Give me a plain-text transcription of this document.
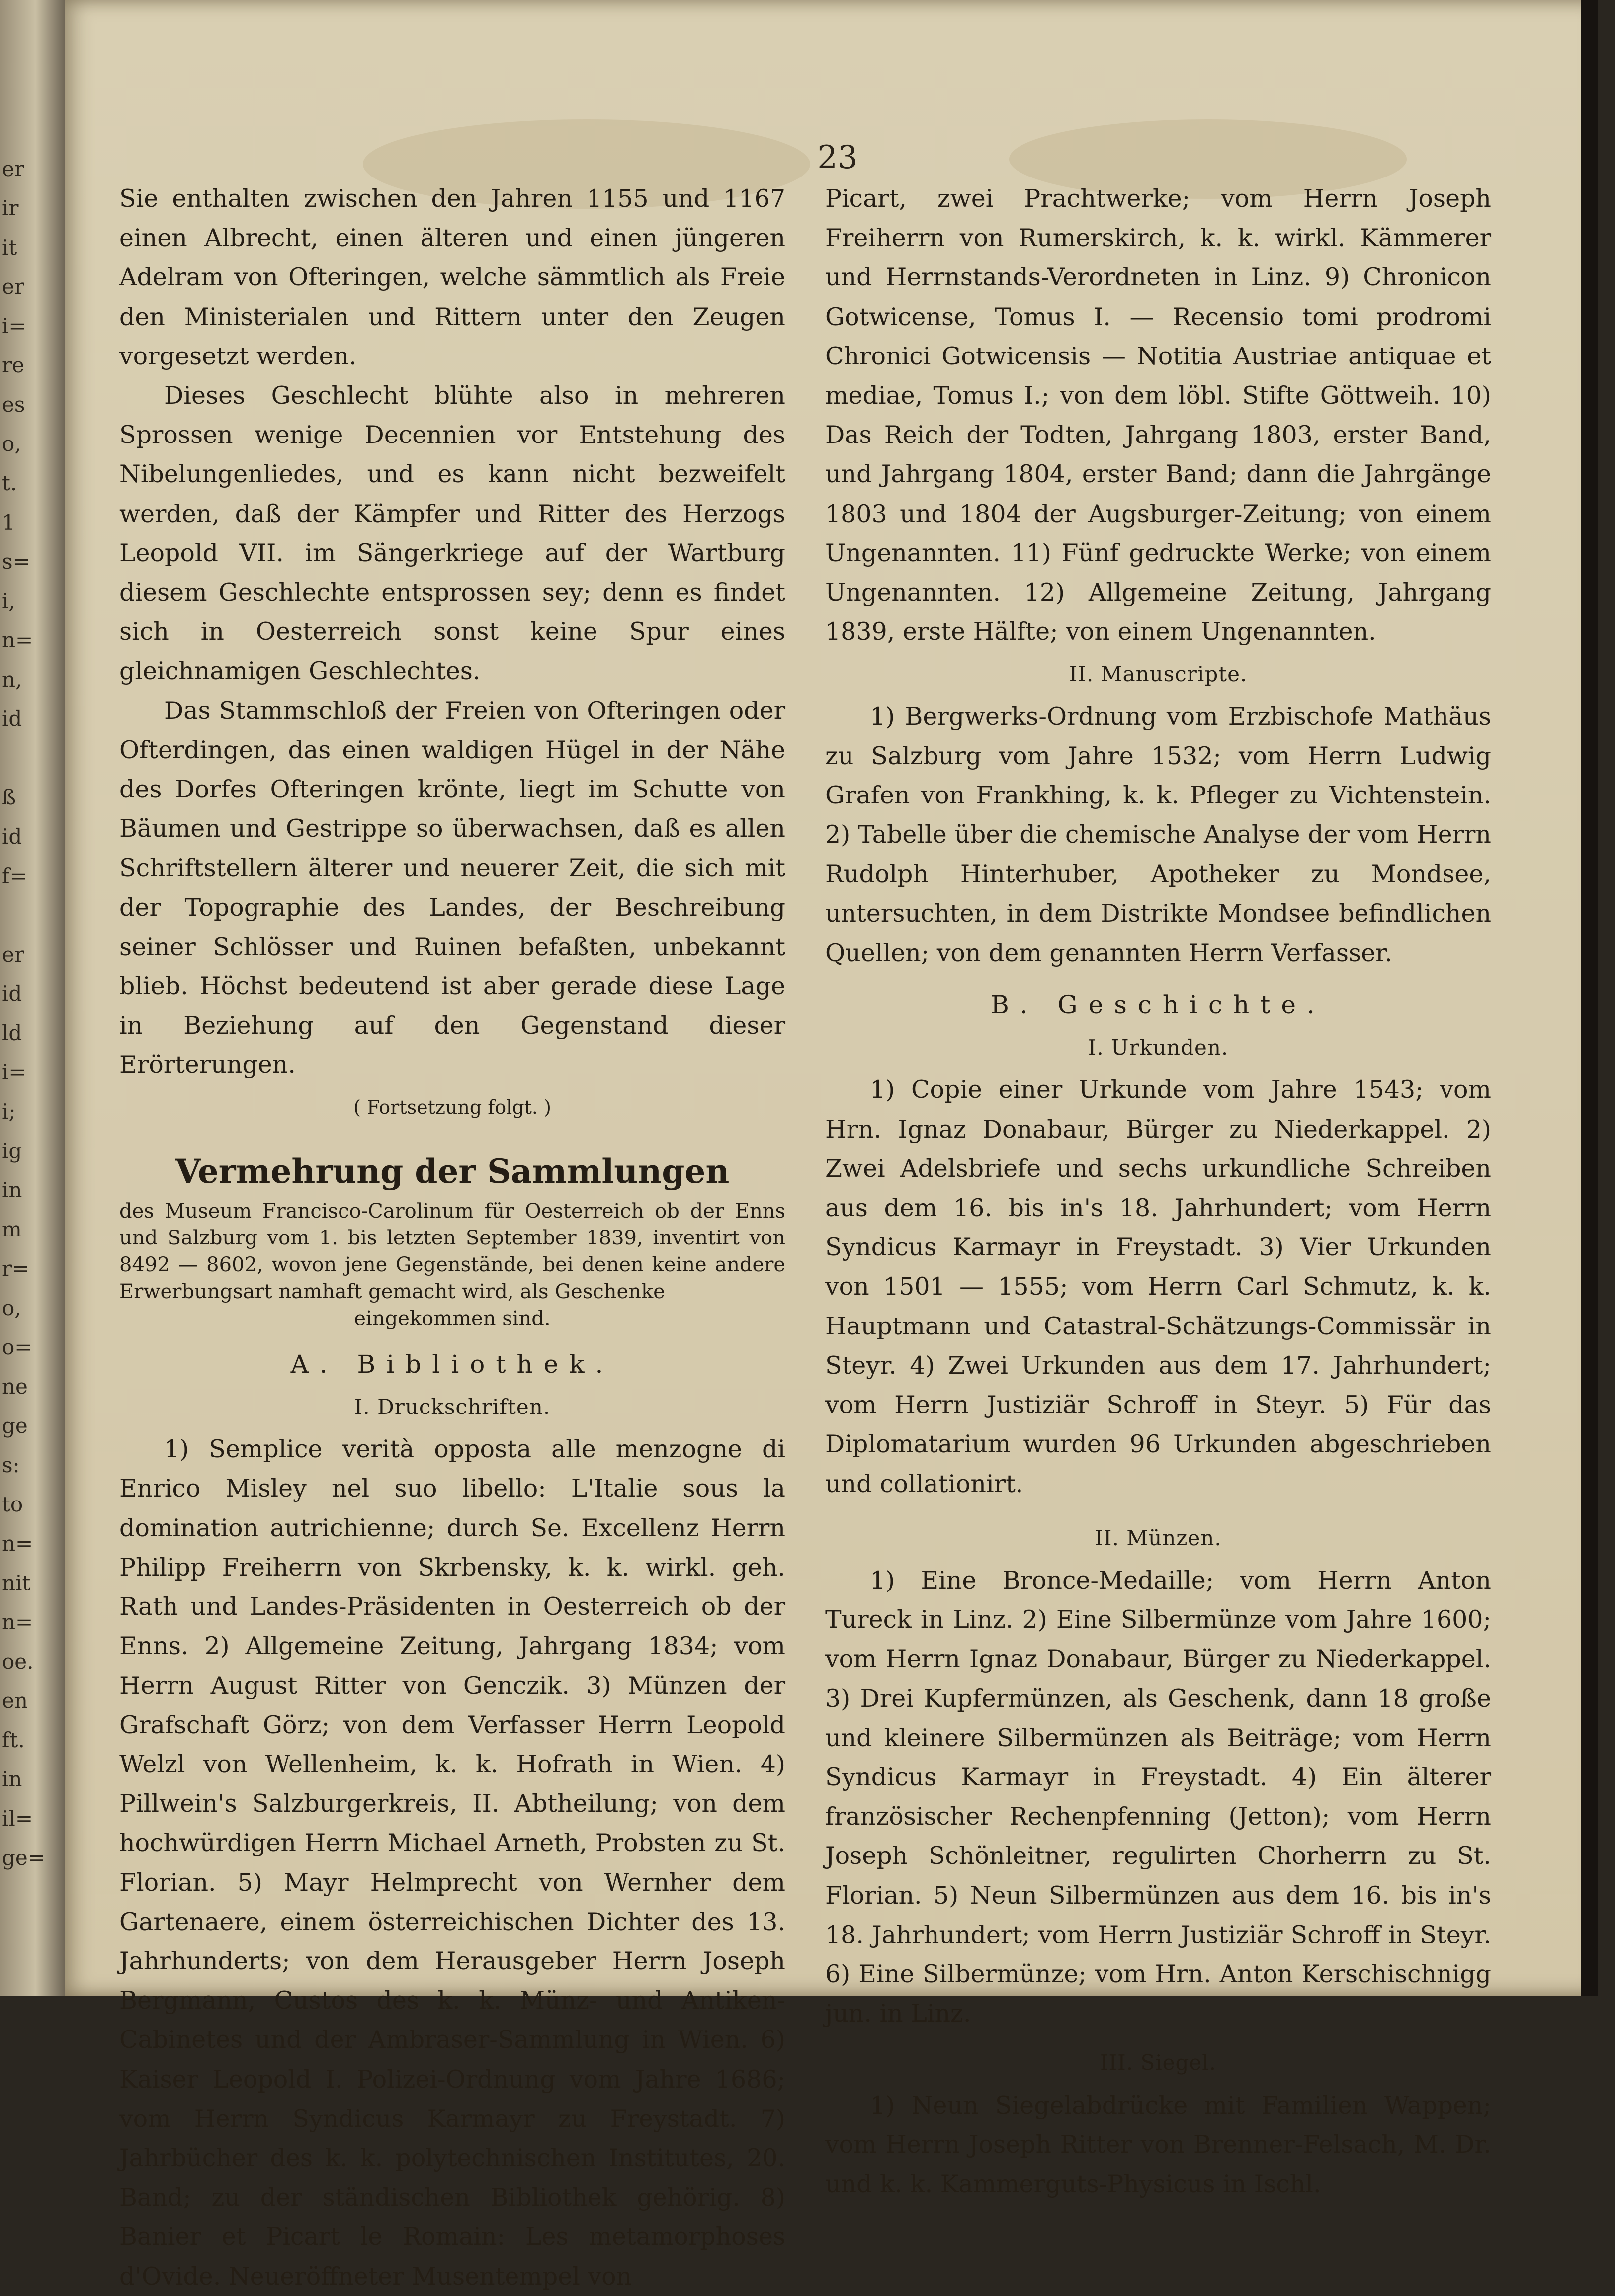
er
ir
it
er
i=
re
es
o,
t.
1
s=
i,
n=
n,
id

ß
id
f=

er
id
ld
i=
i;
ig
in
m
r=
o,
o=
ne
ge
s:
to
n=
nit
n=
oe.
en
ft.
in
il=
ge=
23

Sie enthalten zwischen den Jahren 1155 und 1167 einen Albrecht, einen älteren und einen jüngeren Adelram von Ofteringen, welche sämmtlich als Freie den Ministerialen und Rittern unter den Zeugen vorgesetzt werden.

Dieses Geschlecht blühte also in mehreren Sprossen wenige Decennien vor Entstehung des Nibelungenliedes, und es kann nicht bezweifelt werden, daß der Kämpfer und Ritter des Herzogs Leopold VII. im Sängerkriege auf der Wartburg diesem Geschlechte entsprossen sey; denn es findet sich in Oesterreich sonst keine Spur eines gleichnamigen Geschlechtes.

Das Stammschloß der Freien von Ofteringen oder Ofterdingen, das einen waldigen Hügel in der Nähe des Dorfes Ofteringen krönte, liegt im Schutte von Bäumen und Gestrippe so überwachsen, daß es allen Schriftstellern älterer und neuerer Zeit, die sich mit der Topographie des Landes, der Beschreibung seiner Schlösser und Ruinen befaßten, unbekannt blieb. Höchst bedeutend ist aber gerade diese Lage in Beziehung auf den Gegenstand dieser Erörterungen.

( Fortsetzung folgt. )
Vermehrung der Sammlungen
des Museum Francisco-Carolinum für Oesterreich ob der Enns und Salzburg vom 1. bis letzten September 1839, inventirt von 8492 — 8602, wovon jene Gegenstände, bei denen keine andere Erwerbungsart namhaft gemacht wird, als Geschenke
eingekommen sind.
A. Bibliothek.
I. Druckschriften.

1) Semplice verità opposta alle menzogne di Enrico Misley nel suo libello: L'Italie sous la domination autrichienne; durch Se. Excellenz Herrn Philipp Freiherrn von Skrbensky, k. k. wirkl. geh. Rath und Landes-Präsidenten in Oesterreich ob der Enns. 2) Allgemeine Zeitung, Jahrgang 1834; vom Herrn August Ritter von Genczik. 3) Münzen der Grafschaft Görz; von dem Verfasser Herrn Leopold Welzl von Wellenheim, k. k. Hofrath in Wien. 4) Pillwein's Salzburgerkreis, II. Abtheilung; von dem hochwürdigen Herrn Michael Arneth, Probsten zu St. Florian. 5) Mayr Helmprecht von Wernher dem Gartenaere, einem österreichischen Dichter des 13. Jahrhunderts; von dem Herausgeber Herrn Joseph Bergmann, Custos des k. k. Münz- und Antiken-Cabinetes und der Ambraser-Sammlung in Wien. 6) Kaiser Leopold I. Polizei-Ordnung vom Jahre 1686; vom Herrn Syndicus Karmayr zu Freystadt. 7) Jahrbücher des k. k. polytechnischen Institutes, 20. Band; zu der ständischen Bibliothek gehörig. 8) Banier et Picart le Romain: Les metamorphoses d'Ovide. Neueröffneter Musentempel von

Picart, zwei Prachtwerke; vom Herrn Joseph Freiherrn von Rumerskirch, k. k. wirkl. Kämmerer und Herrnstands-Verordneten in Linz. 9) Chronicon Gotwicense, Tomus I. — Recensio tomi prodromi Chronici Gotwicensis — Notitia Austriae antiquae et mediae, Tomus I.; von dem löbl. Stifte Göttweih. 10) Das Reich der Todten, Jahrgang 1803, erster Band, und Jahrgang 1804, erster Band; dann die Jahrgänge 1803 und 1804 der Augsburger-Zeitung; von einem Ungenannten. 11) Fünf gedruckte Werke; von einem Ungenannten. 12) Allgemeine Zeitung, Jahrgang 1839, erste Hälfte; von einem Ungenannten.

II. Manuscripte.

1) Bergwerks-Ordnung vom Erzbischofe Mathäus zu Salzburg vom Jahre 1532; vom Herrn Ludwig Grafen von Frankhing, k. k. Pfleger zu Vichtenstein. 2) Tabelle über die chemische Analyse der vom Herrn Rudolph Hinterhuber, Apotheker zu Mondsee, untersuchten, in dem Distrikte Mondsee befindlichen Quellen; von dem genannten Herrn Verfasser.

B. Geschichte.
I. Urkunden.

1) Copie einer Urkunde vom Jahre 1543; vom Hrn. Ignaz Donabaur, Bürger zu Niederkappel. 2) Zwei Adelsbriefe und sechs urkundliche Schreiben aus dem 16. bis in's 18. Jahrhundert; vom Herrn Syndicus Karmayr in Freystadt. 3) Vier Urkunden von 1501 — 1555; vom Herrn Carl Schmutz, k. k. Hauptmann und Catastral-Schätzungs-Commissär in Steyr. 4) Zwei Urkunden aus dem 17. Jahrhundert; vom Herrn Justiziär Schroff in Steyr. 5) Für das Diplomatarium wurden 96 Urkunden abgeschrieben und collationirt.

II. Münzen.

1) Eine Bronce-Medaille; vom Herrn Anton Tureck in Linz. 2) Eine Silbermünze vom Jahre 1600; vom Herrn Ignaz Donabaur, Bürger zu Niederkappel. 3) Drei Kupfermünzen, als Geschenk, dann 18 große und kleinere Silbermünzen als Beiträge; vom Herrn Syndicus Karmayr in Freystadt. 4) Ein älterer französischer Rechenpfenning (Jetton); vom Herrn Joseph Schönleitner, regulirten Chorherrn zu St. Florian. 5) Neun Silbermünzen aus dem 16. bis in's 18. Jahrhundert; vom Herrn Justiziär Schroff in Steyr. 6) Eine Silbermünze; vom Hrn. Anton Kerschischnigg jun. in Linz.

III. Siegel.

1) Neun Siegelabdrücke mit Familien Wappen; vom Herrn Joseph Ritter von Brenner-Felsach, M. Dr. und k. k. Kammerguts-Physicus in Ischl.
